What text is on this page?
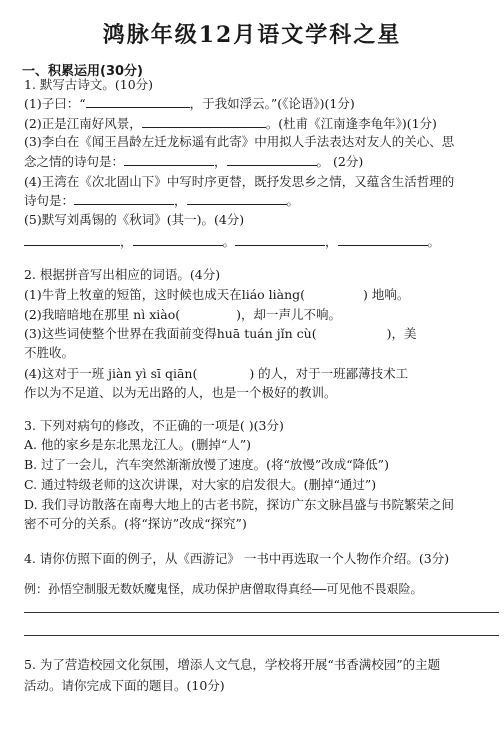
鸿脉年级12月语文学科之星
一、积累运用(30分)
1. 默写古诗文。(10分)
(1)子曰：“	，于我如浮云。”(《论语》)(1分)
(2)正是江南好风景，	。(杜甫《江南逢李龟年》)(1分)
(3)李白在《闻王昌龄左迁龙标遥有此寄》中用拟人手法表达对友人的关心、思
念之情的诗句是：	，	。 (2分)
(4)王湾在《次北固山下》中写时序更替，既抒发思乡之情，又蕴含生活哲理的
诗句是：	，	。
(5)默写刘禹锡的《秋词》(其一)。(4分)
，	。	，	。
2. 根据拼音写出相应的词语。(4分)
(1)牛背上牧童的短笛，这时候也成天在liáo liàng(	) 地响。
(2)我暗暗地在那里 nì xiào(	)，却一声儿不响。
(3)这些词使整个世界在我面前变得huā tuán jǐn cù(	)，美
不胜收。
(4)这对于一班 jiàn yì sī qiān(	) 的人，对于一班鄙薄技术工
作以为不足道、以为无出路的人，也是一个极好的教训。
3. 下列对病句的修改，不正确的一项是( )(3分)
A. 他的家乡是东北黑龙江人。(删掉“人”)
B. 过了一会儿，汽车突然渐渐放慢了速度。(将“放慢”改成“降低”)
C. 通过特级老师的这次讲课，对大家的启发很大。(删掉“通过”)
D. 我们寻访散落在南粤大地上的古老书院，探访广东文脉昌盛与书院繁荣之间
密不可分的关系。(将“探访”改成“探究”)
4. 请你仿照下面的例子，从《西游记》 一书中再选取一个人物作介绍。(3分)
例：孙悟空制服无数妖魔鬼怪，成功保护唐僧取得真经——可见他不畏艰险。
5. 为了营造校园文化氛围，增添人文气息，学校将开展“书香满校园”的主题
活动。请你完成下面的题目。(10分)
